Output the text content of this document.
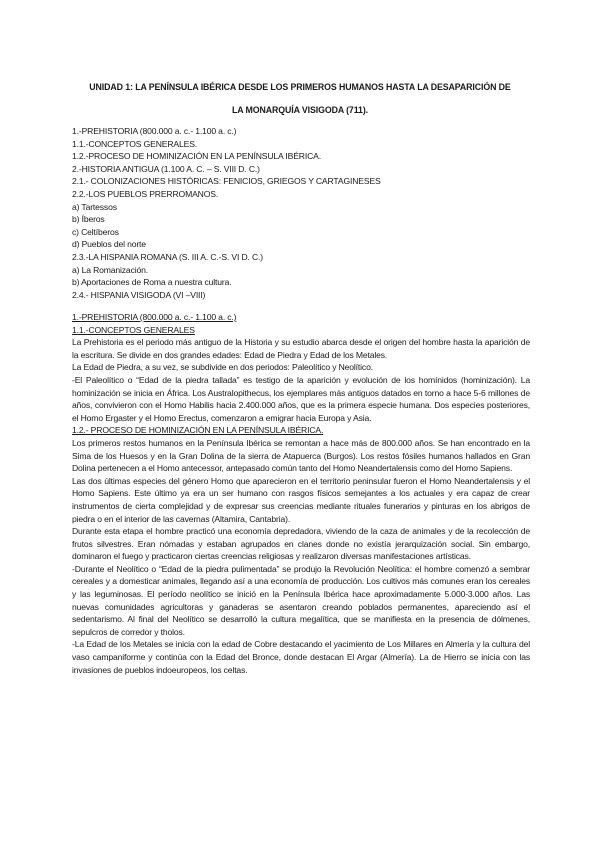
UNIDAD 1: LA PENÍNSULA IBÉRICA DESDE LOS PRIMEROS HUMANOS HASTA LA DESAPARICIÓN DE
LA MONARQUÍA VISIGODA (711).
1.-PREHISTORIA (800.000 a. c.- 1.100 a. c.)
1.1.-CONCEPTOS GENERALES.
1.2.-PROCESO DE HOMINIZACIÓN EN LA PENÍNSULA IBÉRICA.
2.-HISTORIA ANTIGUA (1.100 A. C. – S. VIII D. C.)
2.1.- COLONIZACIONES HISTÓRICAS: FENICIOS, GRIEGOS Y CARTAGINESES
2.2.-LOS PUEBLOS PRERROMANOS.
a) Tartessos
b) Íberos
c) Celtíberos
d) Pueblos del norte
2.3.-LA HISPANIA ROMANA (S. III A. C.-S. VI D. C.)
a) La Romanización.
b) Aportaciones de Roma a nuestra cultura.
2.4.- HISPANIA VISIGODA (VI –VIII)

1.-PREHISTORIA (800.000 a. c.- 1.100 a. c.)

1.1.-CONCEPTOS GENERALES

La Prehistoria es el periodo más antiguo de la Historia y su estudio abarca desde el origen del hombre hasta la aparición de la escritura. Se divide en dos grandes edades: Edad de Piedra y Edad de los Metales.

La Edad de Piedra, a su vez, se subdivide en dos periodos: Paleolítico y Neolítico.

-El Paleolítico o “Edad de la piedra tallada” es testigo de la aparición y evolución de los homínidos (hominización). La hominización se inicia en África. Los Australopithecus, los ejemplares más antiguos datados en torno a hace 5-6 millones de años, convivieron con el Homo Habilis hacia 2.400.000 años, que es la primera especie humana. Dos especies posteriores, el Homo Ergaster y el Homo Erectus, comenzaron a emigrar hacia Europa y Asia.

1.2.- PROCESO DE HOMINIZACIÓN EN LA PENÍNSULA IBÉRICA.

Los primeros restos humanos en la Península Ibérica se remontan a hace más de 800.000 años. Se han encontrado en la Sima de los Huesos y en la Gran Dolina de la sierra de Atapuerca (Burgos). Los restos fósiles humanos hallados en Gran Dolina pertenecen a el Homo antecessor, antepasado común tanto del Homo Neandertalensis como del Homo Sapiens.

Las dos últimas especies del género Homo que aparecieron en el territorio peninsular fueron el Homo Neandertalensis y el Homo Sapiens. Este último ya era un ser humano con rasgos físicos semejantes a los actuales y era capaz de crear instrumentos de cierta complejidad y de expresar sus creencias mediante rituales funerarios y pinturas en los abrigos de piedra o en el interior de las cavernas (Altamira, Cantabria).

Durante esta etapa el hombre practicó una economía depredadora, viviendo de la caza de animales y de la recolección de frutos silvestres. Eran nómadas y estaban agrupados en clanes donde no existía jerarquización social. Sin embargo, dominaron el fuego y practicaron ciertas creencias religiosas y realizaron diversas manifestaciones artísticas.

-Durante el Neolítico o “Edad de la piedra pulimentada” se produjo la Revolución Neolítica: el hombre comenzó a sembrar cereales y a domesticar animales, llegando así a una economía de producción. Los cultivos más comunes eran los cereales y las leguminosas. El período neolítico se inició en la Península Ibérica hace aproximadamente 5.000-3.000 años. Las nuevas comunidades agricultoras y ganaderas se asentaron creando poblados permanentes, apareciendo así el sedentarismo. Al final del Neolítico se desarrolló la cultura megalítica, que se manifiesta en la presencia de dólmenes, sepulcros de corredor y tholos.

-La Edad de los Metales se inicia con la edad de Cobre destacando el yacimiento de Los Millares en Almería y la cultura del vaso campaniforme y continúa con la Edad del Bronce, donde destacan El Argar (Almería). La de Hierro se inicia con las invasiones de pueblos indoeuropeos, los celtas.
